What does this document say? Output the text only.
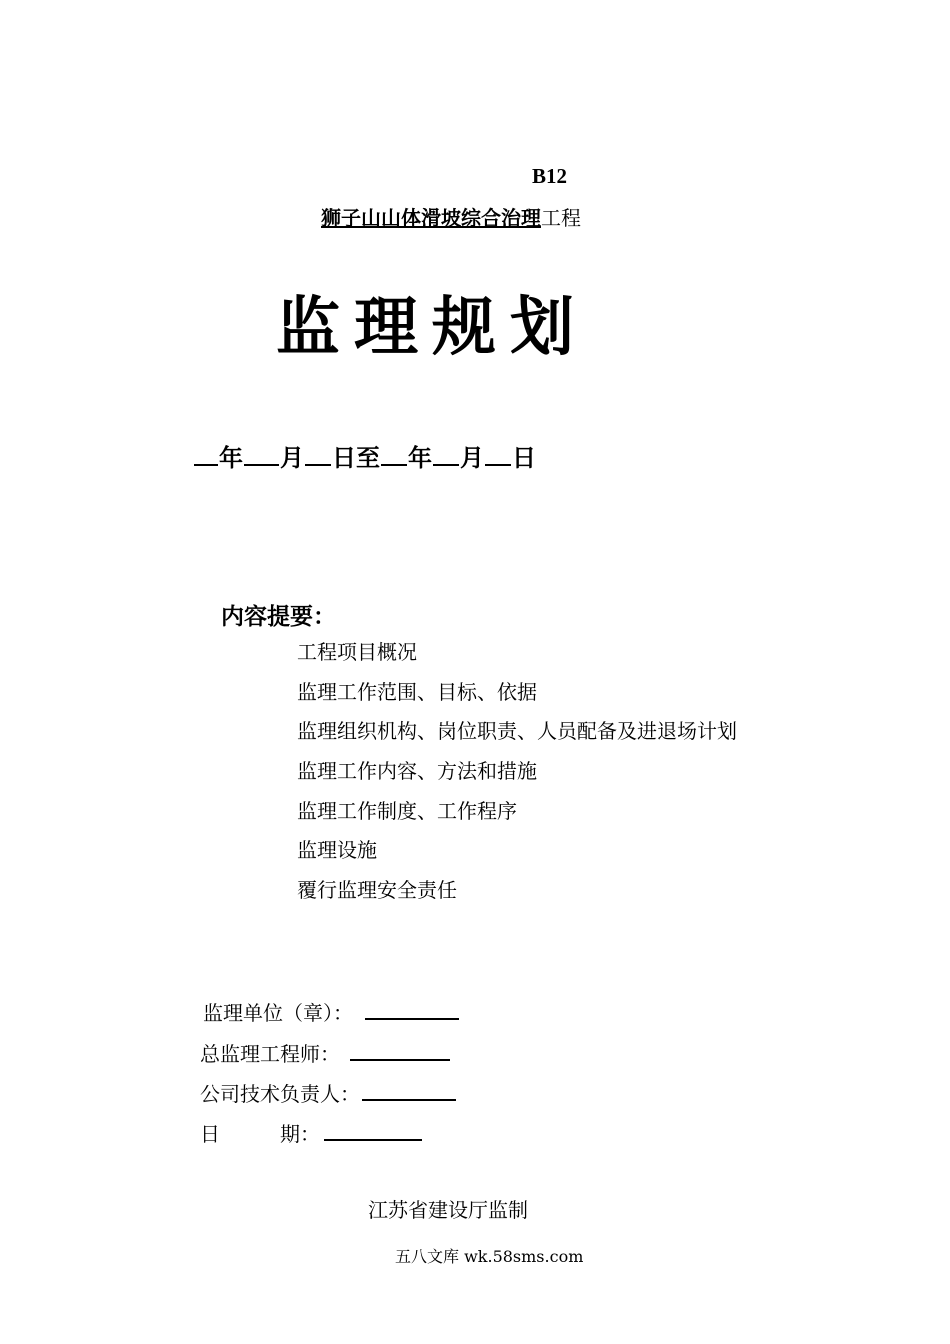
B12
狮子山山体滑坡综合治理工程
监理规划
年 月 日至 年 月 日
内容提要：
工程项目概况
监理工作范围、目标、依据
监理组织机构、岗位职责、人员配备及进退场计划
监理工作内容、方法和措施
监理工作制度、工作程序
监理设施
覆行监理安全责任
监理单位（章）：
总监理工程师：
公司技术负责人：
日　　　期：
江苏省建设厅监制
五八文库 wk.58sms.com
